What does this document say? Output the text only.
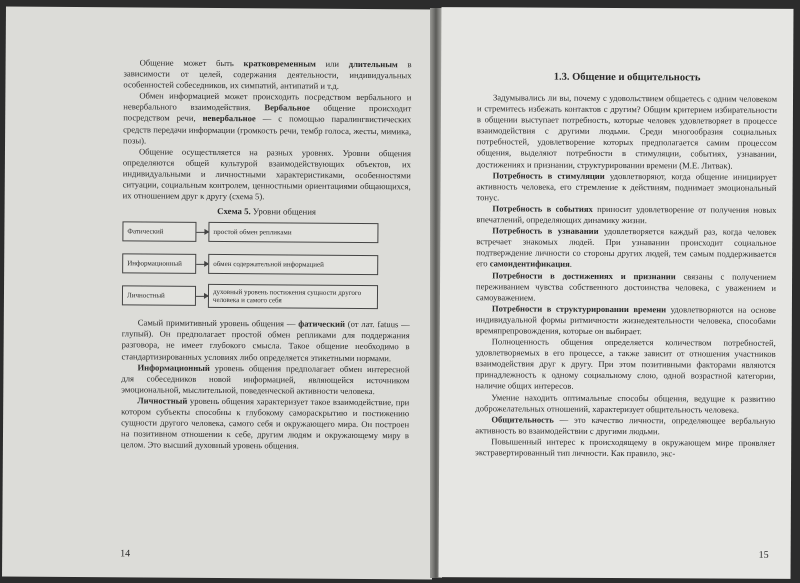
Общение может быть кратковременным или длительным в зависимости от целей, содержания деятельности, индивидуальных особенностей собеседников, их симпатий, антипатий и т.д.

Обмен информацией может происходить посредством вербального и невербального взаимодействия. Вербальное общение происходит посредством речи, невербальное — с помощью паралингвистических средств передачи информации (громкость речи, тембр голоса, жесты, мимика, позы).

Общение осуществляется на разных уровнях. Уровни общения определяются общей культурой взаимодействующих объектов, их индивидуальными и личностными характеристиками, особенностями ситуации, социальным контролем, ценностными ориентациями общающихся, их отношением друг к другу (схема 5).

Схема 5. Уровни общения
Фатический	простой обмен репликами
Информационный	обмен содержательной информацией
Личностный	духовный уровень постижения сущности другого человека и самого себя

Самый примитивный уровень общения — фатический (от лат. fatuus — глупый). Он предполагает простой обмен репликами для поддержания разговора, не имеет глубокого смысла. Такое общение необходимо в стандартизированных условиях либо определяется этикетными нормами.

Информационный уровень общения предполагает обмен интересной для собеседников новой информацией, являющейся источником эмоциональной, мыслительной, поведенческой активности человека.

Личностный уровень общения характеризует такое взаимодействие, при котором субъекты способны к глубокому самораскрытию и постижению сущности другого человека, самого себя и окружающего мира. Он построен на позитивном отношении к себе, другим людям и окружающему миру в целом. Это высший духовный уровень общения.

14
1.3. Общение и общительность

Задумывались ли вы, почему с удовольствием общаетесь с одним человеком и стремитесь избежать контактов с другим? Общим критерием избирательности в общении выступает потребность, которые человек удовлетворяет в процессе взаимодействия с другими людьми. Среди многообразия социальных потребностей, удовлетворение которых предполагается самим процессом общения, выделяют потребности в стимуляции, событиях, узнавании, достижениях и признании, структурировании времени (М.Е. Литвак).

Потребность в стимуляции удовлетворяют, когда общение инициирует активность человека, его стремление к действиям, поднимает эмоциональный тонус.

Потребность в событиях приносит удовлетворение от получения новых впечатлений, определяющих динамику жизни.

Потребность в узнавании удовлетворяется каждый раз, когда человек встречает знакомых людей. При узнавании происходит социальное подтверждение личности со стороны других людей, тем самым поддерживается его самоидентификация.

Потребности в достижениях и признании связаны с получением переживанием чувства собственного достоинства человека, с уважением и самоуважением.

Потребности в структурировании времени удовлетворяются на основе индивидуальной формы ритмичности жизнедеятельности человека, способами времяпрепровождения, которые он выбирает.

Полноценность общения определяется количеством потребностей, удовлетворяемых в его процессе, а также зависит от отношения участников взаимодействия друг к другу. При этом позитивными факторами являются принадлежность к одному социальному слою, одной возрастной категории, наличие общих интересов.

Умение находить оптимальные способы общения, ведущие к развитию доброжелательных отношений, характеризует общительность человека.

Общительность — это качество личности, определяющее вербальную активность во взаимодействии с другими людьми.

Повышенный интерес к происходящему в окружающем мире проявляет экстравертированный тип личности. Как правило, экс-

15
